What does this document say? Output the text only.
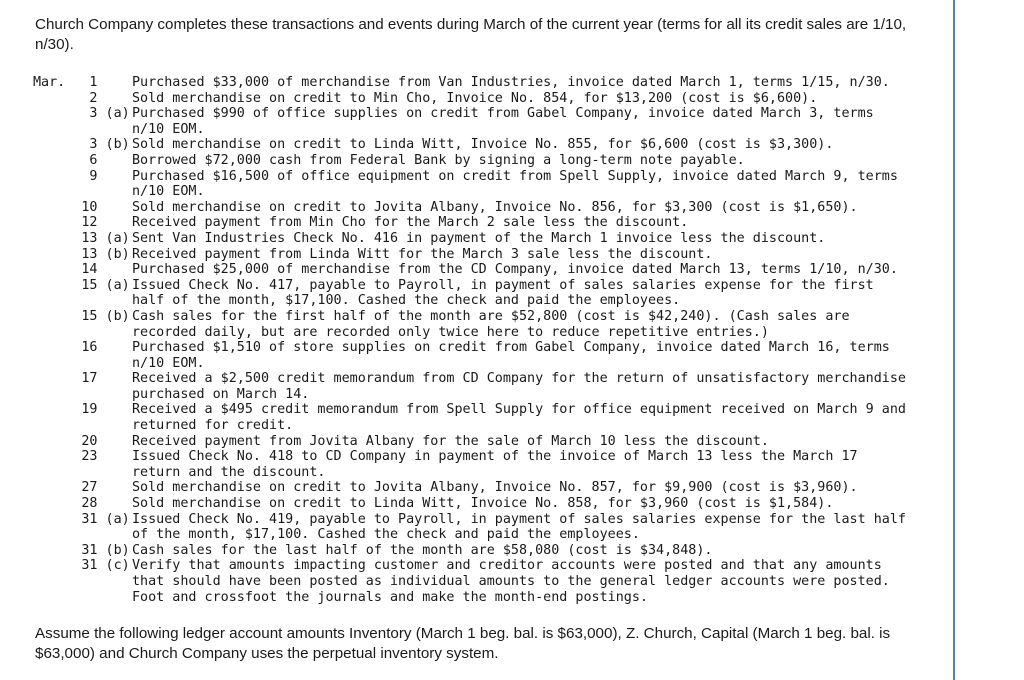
Church Company completes these transactions and events during March of the current year (terms for all its credit sales are 1/10, n/30).
Mar.   1	Purchased $33,000 of merchandise from Van Industries, invoice dated March 1, terms 1/15, n/30.
2	Sold merchandise on credit to Min Cho, Invoice No. 854, for $13,200 (cost is $6,600).
3 (a) Purchased $990 of office supplies on credit from Gabel Company, invoice dated March 3, terms n/10 EOM.
3 (b) Sold merchandise on credit to Linda Witt, Invoice No. 855, for $6,600 (cost is $3,300).
6	Borrowed $72,000 cash from Federal Bank by signing a long-term note payable.
9	Purchased $16,500 of office equipment on credit from Spell Supply, invoice dated March 9, terms n/10 EOM.
10	Sold merchandise on credit to Jovita Albany, Invoice No. 856, for $3,300 (cost is $1,650).
12	Received payment from Min Cho for the March 2 sale less the discount.
13 (a) Sent Van Industries Check No. 416 in payment of the March 1 invoice less the discount.
13 (b) Received payment from Linda Witt for the March 3 sale less the discount.
14	Purchased $25,000 of merchandise from the CD Company, invoice dated March 13, terms 1/10, n/30.
15 (a) Issued Check No. 417, payable to Payroll, in payment of sales salaries expense for the first half of the month, $17,100. Cashed the check and paid the employees.
15 (b) Cash sales for the first half of the month are $52,800 (cost is $42,240). (Cash sales are recorded daily, but are recorded only twice here to reduce repetitive entries.)
16	Purchased $1,510 of store supplies on credit from Gabel Company, invoice dated March 16, terms n/10 EOM.
17	Received a $2,500 credit memorandum from CD Company for the return of unsatisfactory merchandise purchased on March 14.
19	Received a $495 credit memorandum from Spell Supply for office equipment received on March 9 and returned for credit.
20	Received payment from Jovita Albany for the sale of March 10 less the discount.
23	Issued Check No. 418 to CD Company in payment of the invoice of March 13 less the March 17 return and the discount.
27	Sold merchandise on credit to Jovita Albany, Invoice No. 857, for $9,900 (cost is $3,960).
28	Sold merchandise on credit to Linda Witt, Invoice No. 858, for $3,960 (cost is $1,584).
31 (a) Issued Check No. 419, payable to Payroll, in payment of sales salaries expense for the last half of the month, $17,100. Cashed the check and paid the employees.
31 (b) Cash sales for the last half of the month are $58,080 (cost is $34,848).
31 (c) Verify that amounts impacting customer and creditor accounts were posted and that any amounts that should have been posted as individual amounts to the general ledger accounts were posted. Foot and crossfoot the journals and make the month-end postings.
Assume the following ledger account amounts Inventory (March 1 beg. bal. is $63,000), Z. Church, Capital (March 1 beg. bal. is $63,000) and Church Company uses the perpetual inventory system.
